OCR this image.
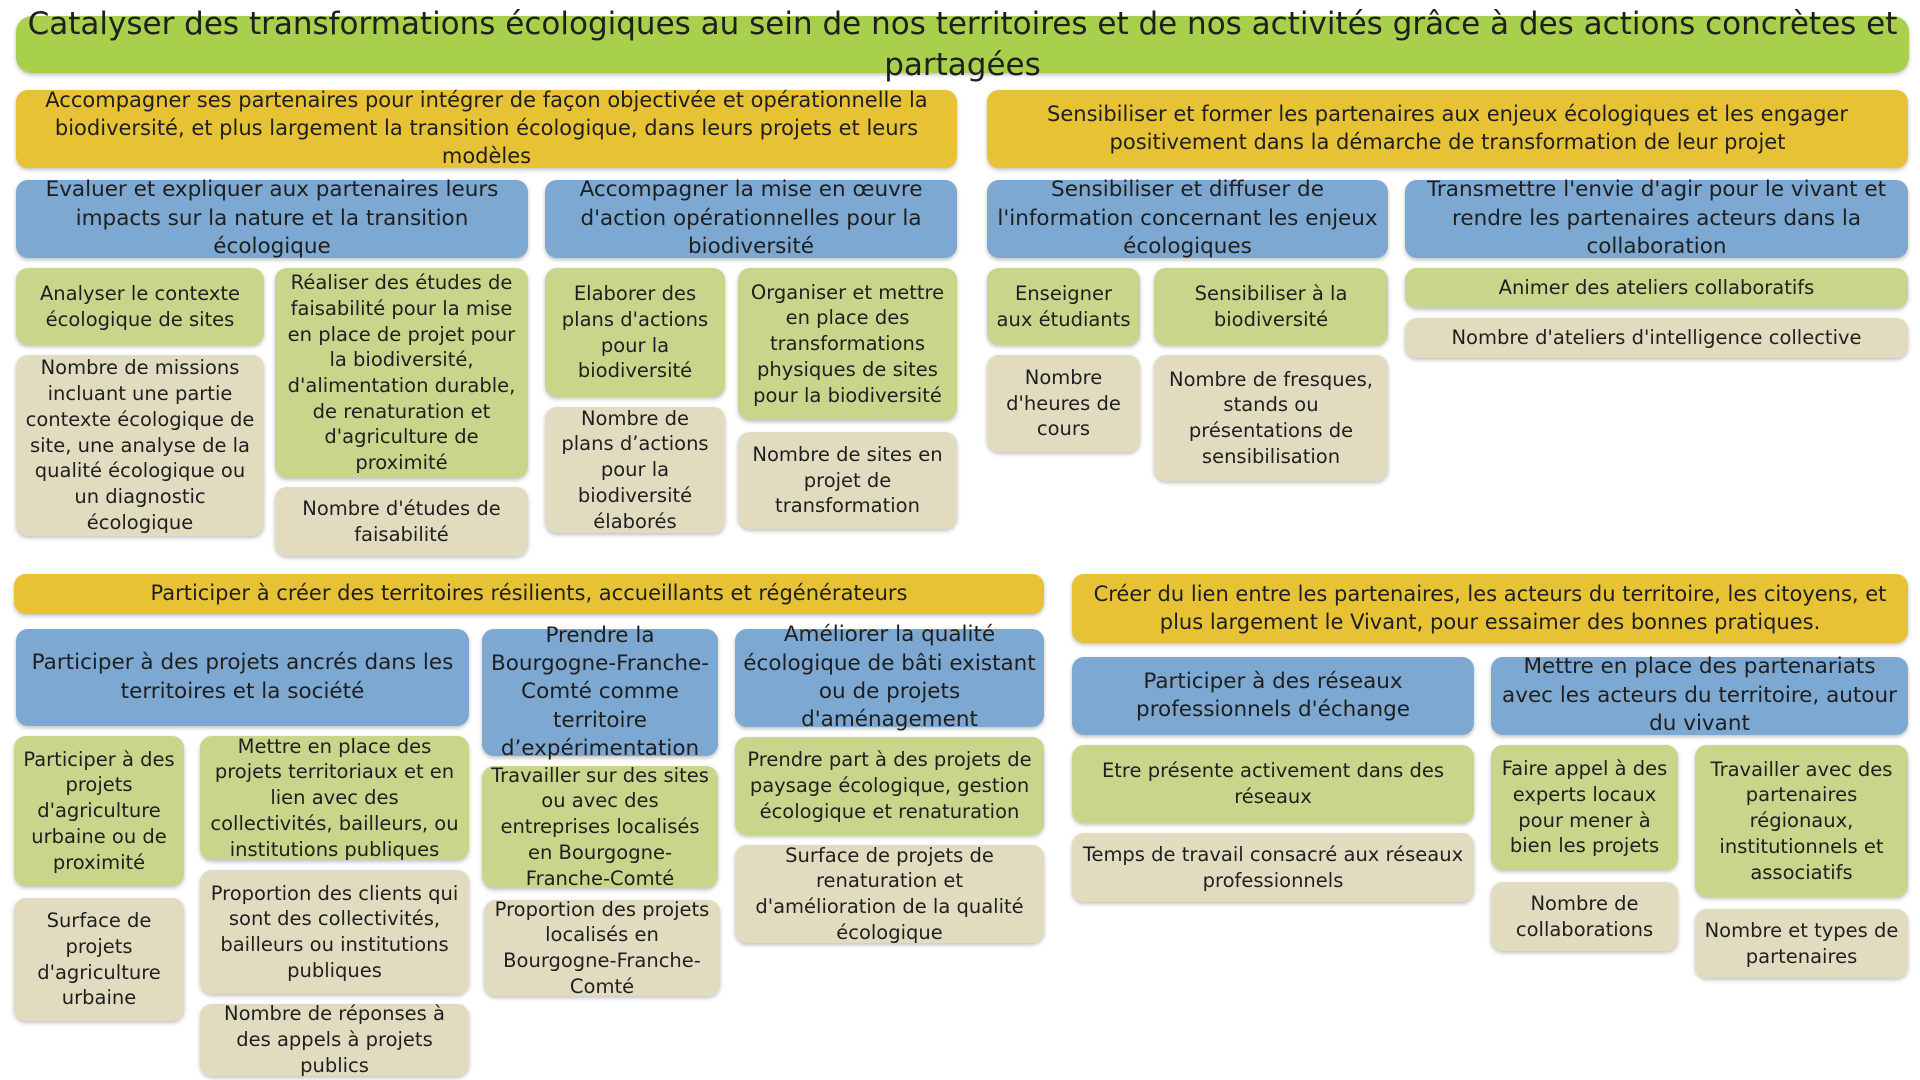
Catalyser des transformations écologiques au sein de nos territoires et de nos activités grâce à des actions concrètes et partagées
Accompagner ses partenaires pour intégrer de façon objectivée et opérationnelle la biodiversité, et plus largement la transition écologique, dans leurs projets et leurs modèles
Evaluer et expliquer aux partenaires leurs impacts sur la nature et la transition écologique
Analyser le contexte écologique de sites
Nombre de missions incluant une partie contexte écologique de site, une analyse de la qualité écologique ou un diagnostic écologique
Réaliser des études de faisabilité pour la mise en place de projet pour la biodiversité, d'alimentation durable, de renaturation et d'agriculture de proximité
Nombre d'études de faisabilité
Accompagner la mise en œuvre d'action opérationnelles pour la biodiversité
Elaborer des plans d'actions pour la biodiversité
Nombre de plans d’actions pour la biodiversité élaborés
Organiser et mettre en place des transformations physiques de sites pour la biodiversité
Nombre de sites en projet de transformation
Sensibiliser et former les partenaires aux enjeux écologiques et les engager positivement dans la démarche de transformation de leur projet
Sensibiliser et diffuser de l'information concernant les enjeux écologiques
Enseigner aux étudiants
Nombre d'heures de cours
Sensibiliser à la biodiversité
Nombre de fresques, stands ou présentations de sensibilisation
Transmettre l'envie d'agir pour le vivant et rendre les partenaires acteurs dans la collaboration
Animer des ateliers collaboratifs
Nombre d'ateliers d'intelligence collective
Participer à créer des territoires résilients, accueillants et régénérateurs
Participer à des projets ancrés dans les territoires et la société
Participer à des projets d'agriculture urbaine ou de proximité
Surface de projets d'agriculture urbaine
Mettre en place des projets territoriaux et en lien avec des collectivités, bailleurs, ou institutions publiques
Proportion des clients qui sont des collectivités, bailleurs ou institutions publiques
Nombre de réponses à des appels à projets publics
Prendre la Bourgogne-Franche-Comté comme territoire d’expérimentation
Travailler sur des sites ou avec des entreprises localisés en Bourgogne-Franche-Comté
Proportion des projets localisés en Bourgogne-Franche-Comté
Améliorer la qualité écologique de bâti existant ou de projets d'aménagement
Prendre part à des projets de paysage écologique, gestion écologique et renaturation
Surface de projets de renaturation et d'amélioration de la qualité écologique
Créer du lien entre les partenaires, les acteurs du territoire, les citoyens, et plus largement le Vivant, pour essaimer des bonnes pratiques.
Participer à des réseaux professionnels d'échange
Etre présente activement dans des réseaux
Temps de travail consacré aux réseaux professionnels
Mettre en place des partenariats avec les acteurs du territoire, autour du vivant
Faire appel à des experts locaux pour mener à bien les projets
Nombre de collaborations
Travailler avec des partenaires régionaux, institutionnels et associatifs
Nombre et types de partenaires
